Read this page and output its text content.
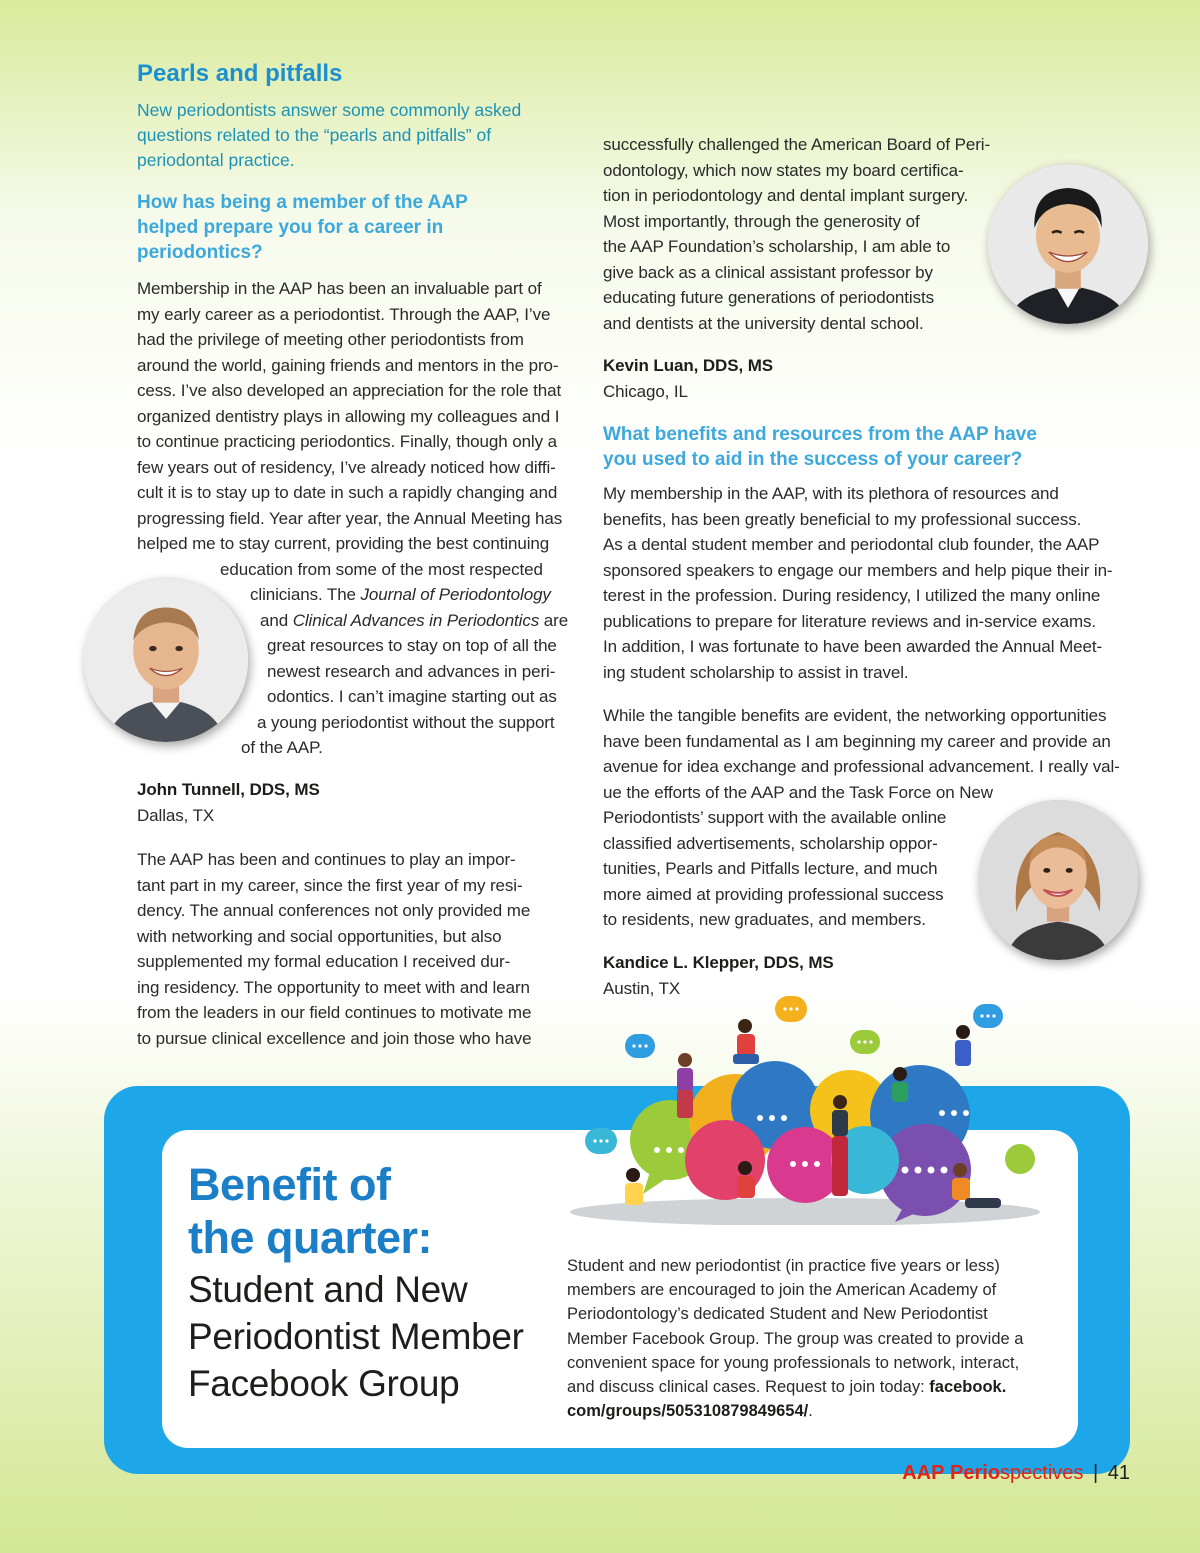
Pearls and pitfalls
New periodontists answer some commonly asked
questions related to the “pearls and pitfalls” of
periodontal practice.
How has being a member of the AAP
helped prepare you for a career in
periodontics?
Membership in the AAP has been an invaluable part of
my early career as a periodontist. Through the AAP, I’ve
had the privilege of meeting other periodontists from
around the world, gaining friends and mentors in the pro-
cess. I’ve also developed an appreciation for the role that
organized dentistry plays in allowing my colleagues and I
to continue practicing periodontics. Finally, though only a
few years out of residency, I’ve already noticed how diffi-
cult it is to stay up to date in such a rapidly changing and
progressing field. Year after year, the Annual Meeting has
helped me to stay current, providing the best continuing
education from some of the most respected
clinicians. The Journal of Periodontology
and Clinical Advances in Periodontics are
great resources to stay on top of all the
newest research and advances in peri-
odontics. I can’t imagine starting out as
a young periodontist without the support
of the AAP.
John Tunnell, DDS, MS
Dallas, TX
The AAP has been and continues to play an impor-
tant part in my career, since the first year of my resi-
dency. The annual conferences not only provided me
with networking and social opportunities, but also
supplemented my formal education I received dur-
ing residency. The opportunity to meet with and learn
from the leaders in our field continues to motivate me
to pursue clinical excellence and join those who have
successfully challenged the American Board of Peri-
odontology, which now states my board certifica-
tion in periodontology and dental implant surgery.
Most importantly, through the generosity of
the AAP Foundation’s scholarship, I am able to
give back as a clinical assistant professor by
educating future generations of periodontists
and dentists at the university dental school.
Kevin Luan, DDS, MS
Chicago, IL
What benefits and resources from the AAP have
you used to aid in the success of your career?
My membership in the AAP, with its plethora of resources and
benefits, has been greatly beneficial to my professional success.
As a dental student member and periodontal club founder, the AAP
sponsored speakers to engage our members and help pique their in-
terest in the profession. During residency, I utilized the many online
publications to prepare for literature reviews and in-service exams.
In addition, I was fortunate to have been awarded the Annual Meet-
ing student scholarship to assist in travel.
While the tangible benefits are evident, the networking opportunities
have been fundamental as I am beginning my career and provide an
avenue for idea exchange and professional advancement. I really val-
ue the efforts of the AAP and the Task Force on New
Periodontists’ support with the available online
classified advertisements, scholarship oppor-
tunities, Pearls and Pitfalls lecture, and much
more aimed at providing professional success
to residents, new graduates, and members.
Kandice L. Klepper, DDS, MS
Austin, TX
Benefit of
the quarter:
Student and New
Periodontist Member
Facebook Group
Student and new periodontist (in practice five years or less) members are encouraged to join the American Academy of Periodontology’s dedicated Student and New Periodontist Member Facebook Group. The group was created to provide a convenient space for young professionals to network, interact, and discuss clinical cases. Request to join today: facebook.
com/groups/505310879849654/.
AAP Periospectives | 41
